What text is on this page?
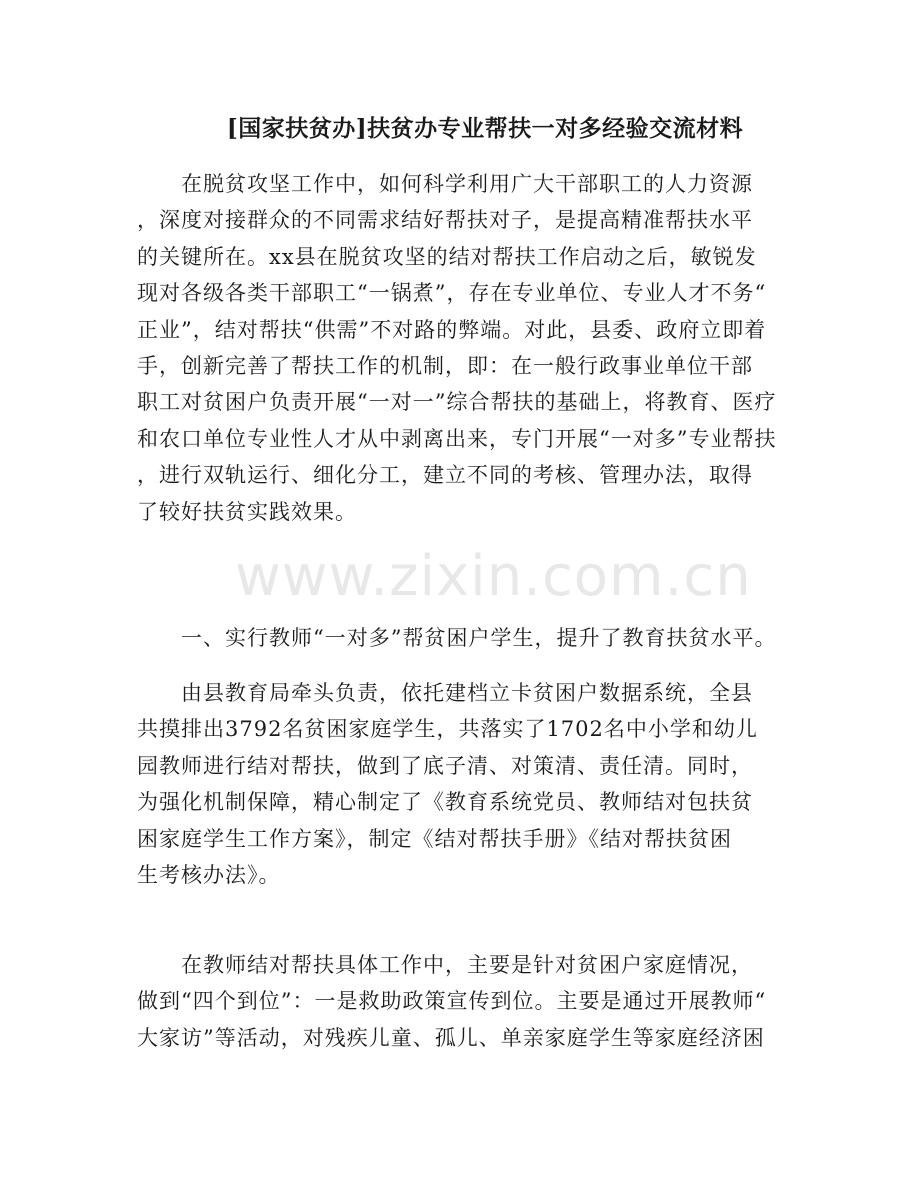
[国家扶贫办]扶贫办专业帮扶一对多经验交流材料

　　在脱贫攻坚工作中，如何科学利用广大干部职工的人力资源
，深度对接群众的不同需求结好帮扶对子，是提高精准帮扶水平
的关键所在。xx县在脱贫攻坚的结对帮扶工作启动之后，敏锐发
现对各级各类干部职工“一锅煮”，存在专业单位、专业人才不务“
正业”，结对帮扶“供需”不对路的弊端。对此，县委、政府立即着
手，创新完善了帮扶工作的机制，即：在一般行政事业单位干部
职工对贫困户负责开展“一对一”综合帮扶的基础上，将教育、医疗
和农口单位专业性人才从中剥离出来，专门开展“一对多”专业帮扶
，进行双轨运行、细化分工，建立不同的考核、管理办法，取得
了较好扶贫实践效果。

　　一、实行教师“一对多”帮贫困户学生，提升了教育扶贫水平。

　　由县教育局牵头负责，依托建档立卡贫困户数据系统，全县
共摸排出3792名贫困家庭学生，共落实了1702名中小学和幼儿
园教师进行结对帮扶，做到了底子清、对策清、责任清。同时，
为强化机制保障，精心制定了《教育系统党员、教师结对包扶贫
困家庭学生工作方案》，制定《结对帮扶手册》《结对帮扶贫困
生考核办法》。

　　在教师结对帮扶具体工作中，主要是针对贫困户家庭情况，
做到“四个到位”：一是救助政策宣传到位。主要是通过开展教师“
大家访”等活动，对残疾儿童、孤儿、单亲家庭学生等家庭经济困

www.zixin.com.cn
